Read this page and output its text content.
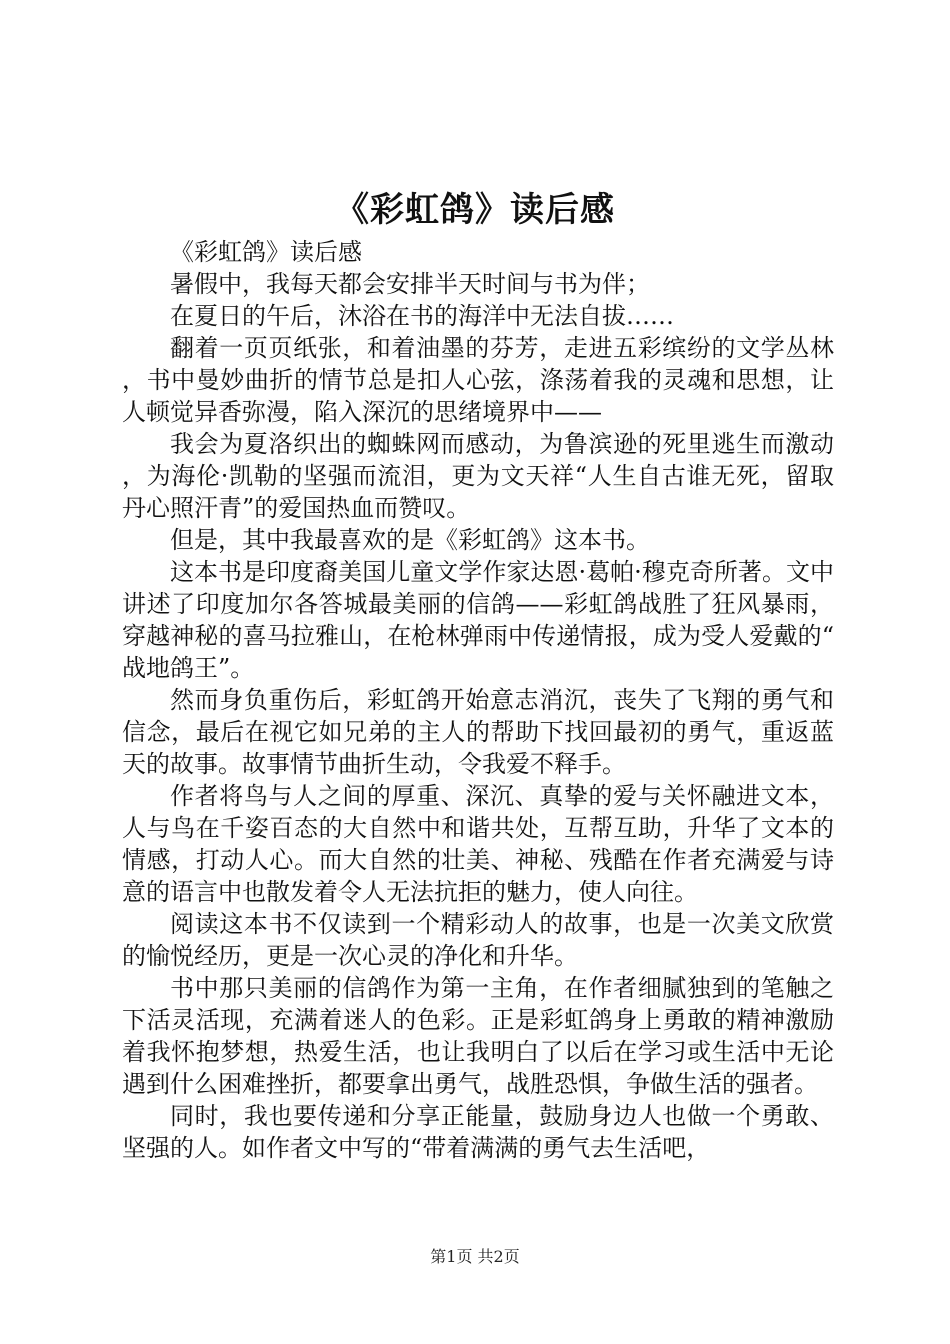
《彩虹鸽》读后感

《彩虹鸽》读后感

暑假中，我每天都会安排半天时间与书为伴；

在夏日的午后，沐浴在书的海洋中无法自拔……

翻着一页页纸张，和着油墨的芬芳，走进五彩缤纷的文学丛林，书中曼妙曲折的情节总是扣人心弦，涤荡着我的灵魂和思想，让人顿觉异香弥漫，陷入深沉的思绪境界中——

我会为夏洛织出的蜘蛛网而感动，为鲁滨逊的死里逃生而激动，为海伦·凯勒的坚强而流泪，更为文天祥“人生自古谁无死，留取丹心照汗青”的爱国热血而赞叹。

但是，其中我最喜欢的是《彩虹鸽》这本书。

这本书是印度裔美国儿童文学作家达恩·葛帕·穆克奇所著。文中讲述了印度加尔各答城最美丽的信鸽——彩虹鸽战胜了狂风暴雨，穿越神秘的喜马拉雅山，在枪林弹雨中传递情报，成为受人爱戴的“战地鸽王”。

然而身负重伤后，彩虹鸽开始意志消沉，丧失了飞翔的勇气和信念，最后在视它如兄弟的主人的帮助下找回最初的勇气，重返蓝天的故事。故事情节曲折生动，令我爱不释手。

作者将鸟与人之间的厚重、深沉、真挚的爱与关怀融进文本，人与鸟在千姿百态的大自然中和谐共处，互帮互助，升华了文本的情感，打动人心。而大自然的壮美、神秘、残酷在作者充满爱与诗意的语言中也散发着令人无法抗拒的魅力，使人向往。

阅读这本书不仅读到一个精彩动人的故事，也是一次美文欣赏的愉悦经历，更是一次心灵的净化和升华。

书中那只美丽的信鸽作为第一主角，在作者细腻独到的笔触之下活灵活现，充满着迷人的色彩。正是彩虹鸽身上勇敢的精神激励着我怀抱梦想，热爱生活，也让我明白了以后在学习或生活中无论遇到什么困难挫折，都要拿出勇气，战胜恐惧，争做生活的强者。

同时，我也要传递和分享正能量，鼓励身边人也做一个勇敢、坚强的人。如作者文中写的“带着满满的勇气去生活吧，

第1页 共2页
